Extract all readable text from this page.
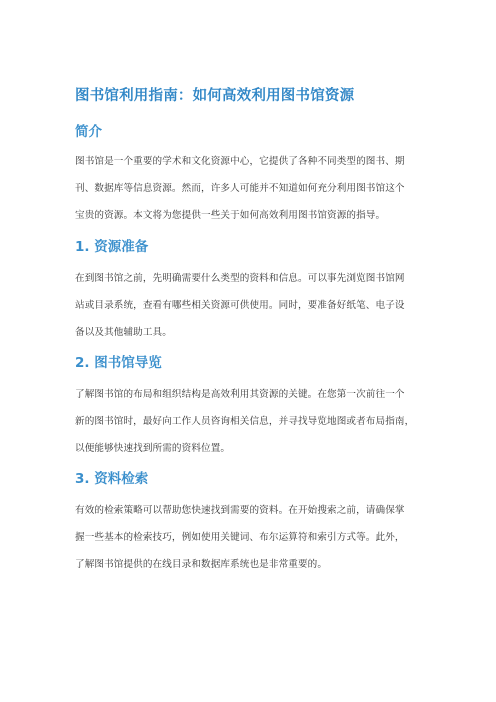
图书馆利用指南：如何高效利用图书馆资源
简介

图书馆是一个重要的学术和文化资源中心，它提供了各种不同类型的图书、期

刊、数据库等信息资源。然而，许多人可能并不知道如何充分利用图书馆这个

宝贵的资源。本文将为您提供一些关于如何高效利用图书馆资源的指导。

1. 资源准备

在到图书馆之前，先明确需要什么类型的资料和信息。可以事先浏览图书馆网

站或目录系统，查看有哪些相关资源可供使用。同时，要准备好纸笔、电子设

备以及其他辅助工具。

2. 图书馆导览

了解图书馆的布局和组织结构是高效利用其资源的关键。在您第一次前往一个

新的图书馆时，最好向工作人员咨询相关信息，并寻找导览地图或者布局指南，

以便能够快速找到所需的资料位置。

3. 资料检索

有效的检索策略可以帮助您快速找到需要的资料。在开始搜索之前，请确保掌

握一些基本的检索技巧，例如使用关键词、布尔运算符和索引方式等。此外，

了解图书馆提供的在线目录和数据库系统也是非常重要的。
